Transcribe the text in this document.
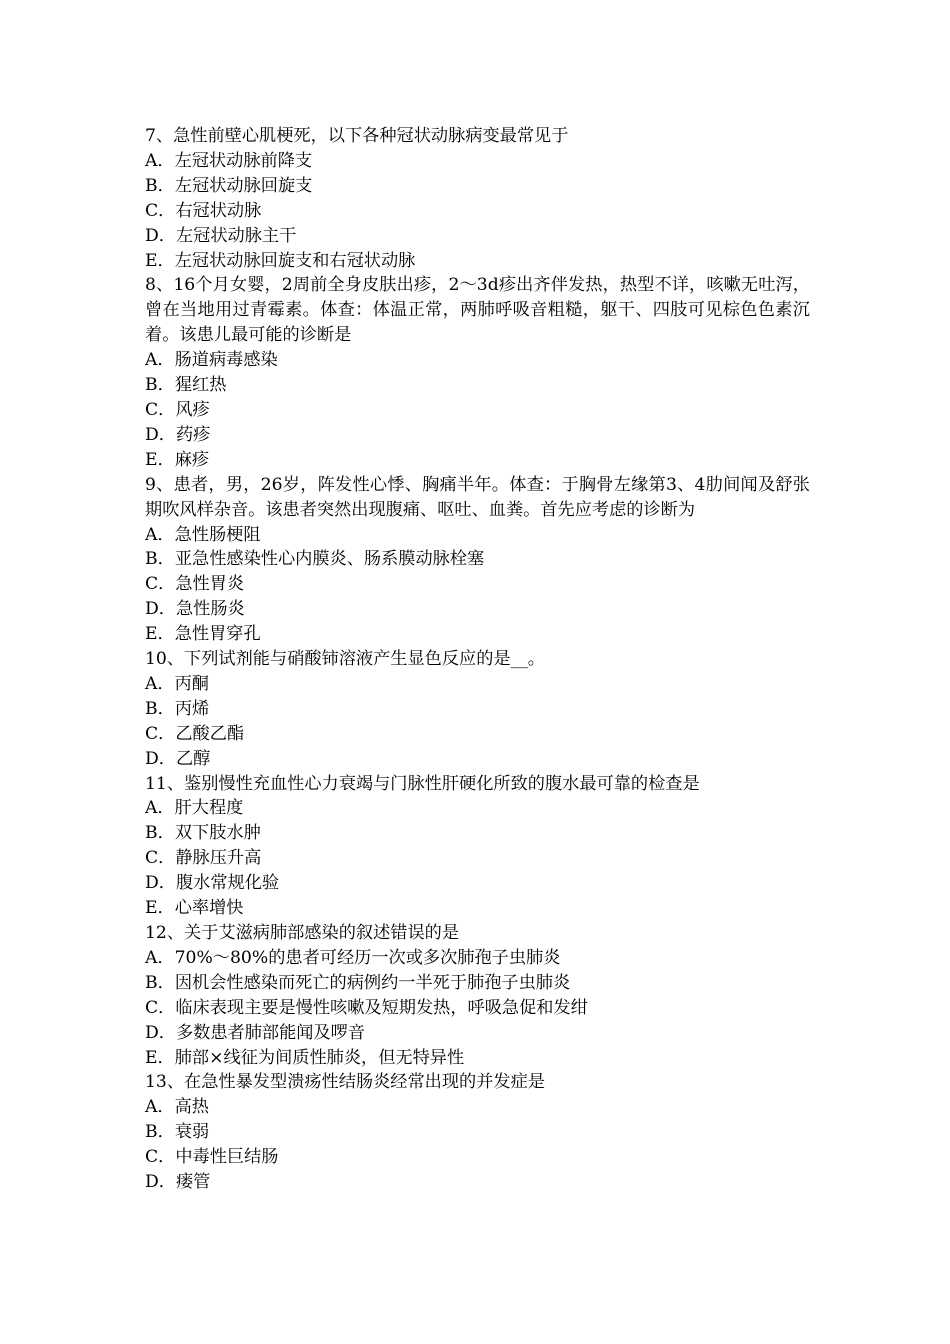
7、急性前壁心肌梗死，以下各种冠状动脉病变最常见于

A．左冠状动脉前降支

B．左冠状动脉回旋支

C．右冠状动脉

D．左冠状动脉主干

E．左冠状动脉回旋支和右冠状动脉

8、16个月女婴，2周前全身皮肤出疹，2～3d疹出齐伴发热，热型不详，咳嗽无吐泻，曾在当地用过青霉素。体查：体温正常，两肺呼吸音粗糙，躯干、四肢可见棕色色素沉着。该患儿最可能的诊断是

A．肠道病毒感染

B．猩红热

C．风疹

D．药疹

E．麻疹

9、患者，男，26岁，阵发性心悸、胸痛半年。体查：于胸骨左缘第3、4肋间闻及舒张期吹风样杂音。该患者突然出现腹痛、呕吐、血粪。首先应考虑的诊断为

A．急性肠梗阻

B．亚急性感染性心内膜炎、肠系膜动脉栓塞

C．急性胃炎

D．急性肠炎

E．急性胃穿孔

10、下列试剂能与硝酸铈溶液产生显色反应的是__。

A．丙酮

B．丙烯

C．乙酸乙酯

D．乙醇

11、鉴别慢性充血性心力衰竭与门脉性肝硬化所致的腹水最可靠的检查是

A．肝大程度

B．双下肢水肿

C．静脉压升高

D．腹水常规化验

E．心率增快

12、关于艾滋病肺部感染的叙述错误的是

A．70%～80%的患者可经历一次或多次肺孢子虫肺炎

B．因机会性感染而死亡的病例约一半死于肺孢子虫肺炎

C．临床表现主要是慢性咳嗽及短期发热，呼吸急促和发绀

D．多数患者肺部能闻及啰音

E．肺部×线征为间质性肺炎，但无特异性

13、在急性暴发型溃疡性结肠炎经常出现的并发症是

A．高热

B．衰弱

C．中毒性巨结肠

D．瘘管
